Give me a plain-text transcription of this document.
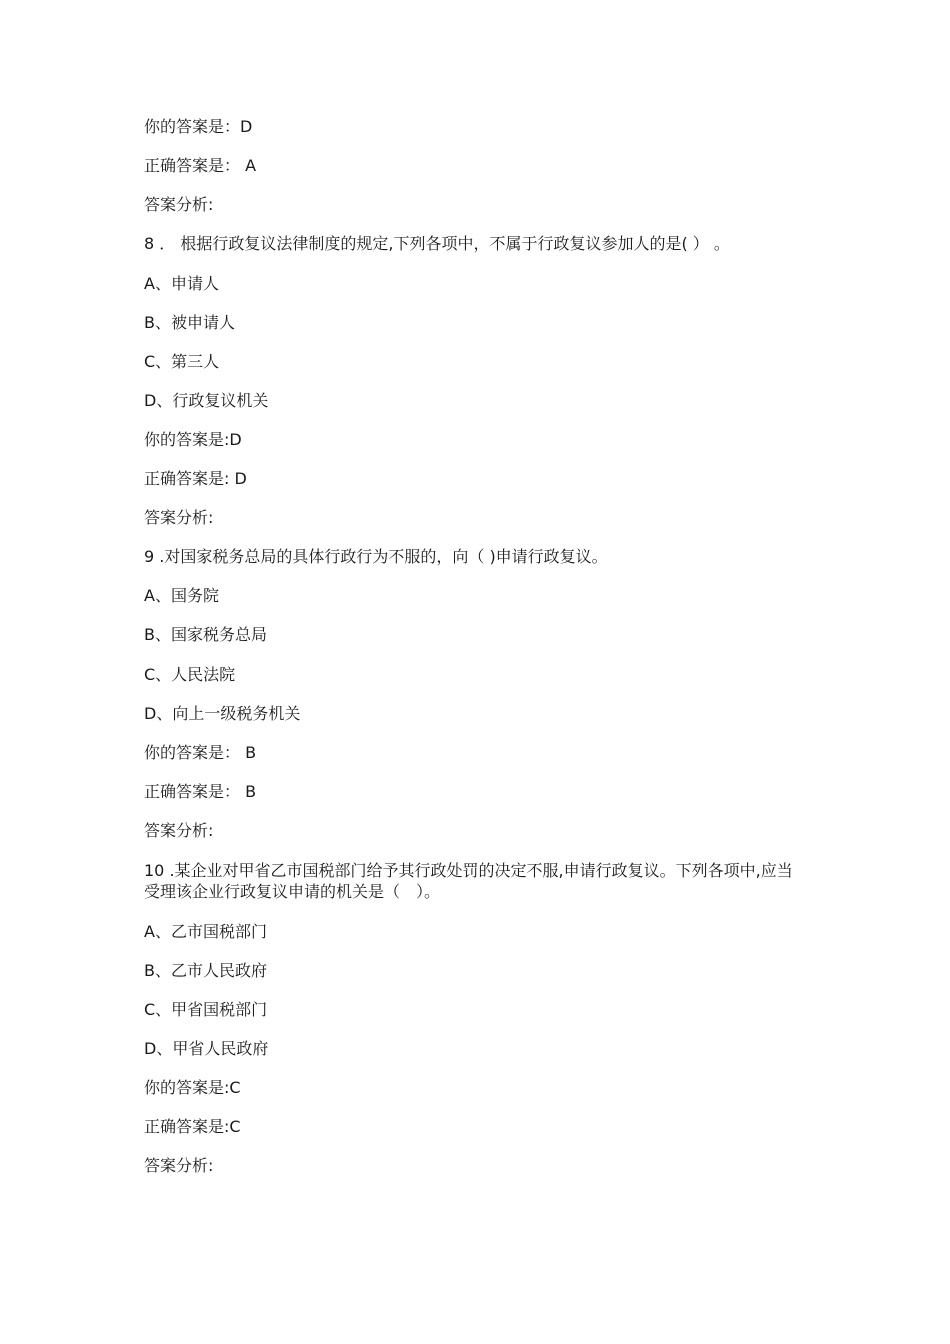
你的答案是：D

正确答案是： A

答案分析:

8 ． 根据行政复议法律制度的规定,下列各项中，不属于行政复议参加人的是( ） 。

A、申请人

B、被申请人

C、第三人

D、行政复议机关

你的答案是:D

正确答案是: D

答案分析:

9 .对国家税务总局的具体行政行为不服的，向（ )申请行政复议。

A、国务院

B、国家税务总局

C、人民法院

D、向上一级税务机关

你的答案是： B

正确答案是： B

答案分析:

10 .某企业对甲省乙市国税部门给予其行政处罚的决定不服,申请行政复议。下列各项中,应当受理该企业行政复议申请的机关是（　）。

A、乙市国税部门

B、乙市人民政府

C、甲省国税部门

D、甲省人民政府

你的答案是:C

正确答案是:C

答案分析:
